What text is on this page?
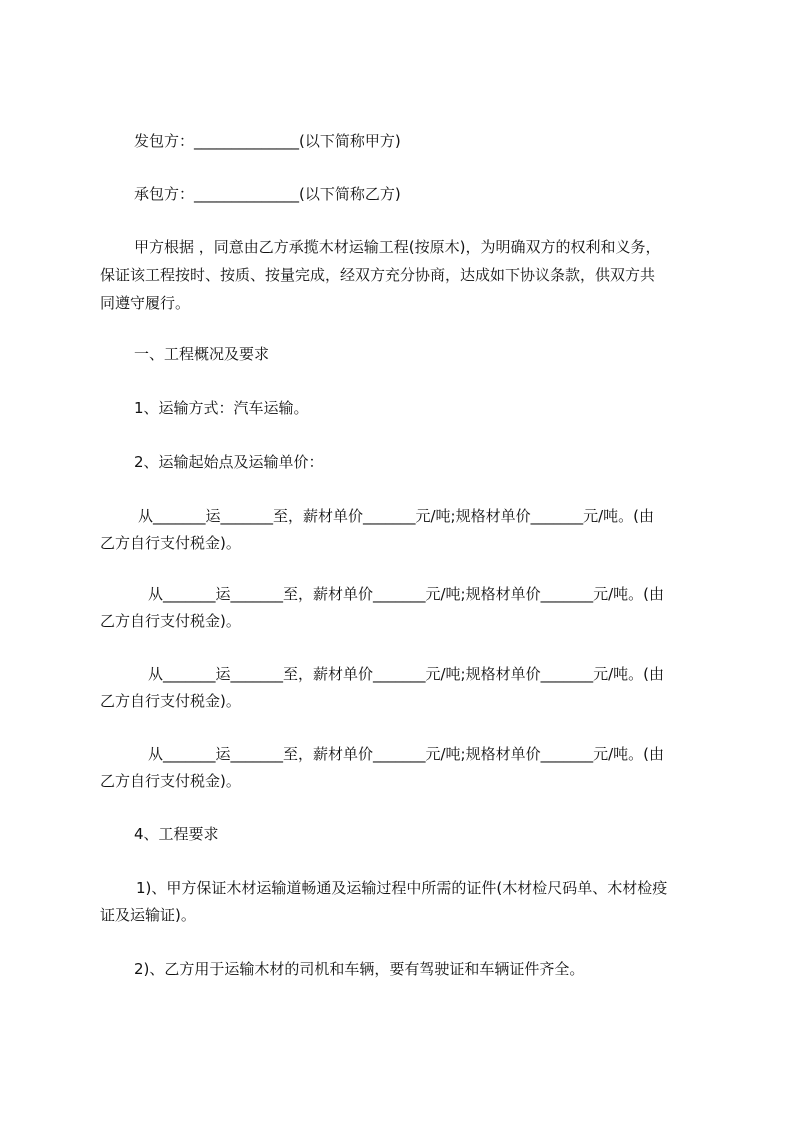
发包方：______________(以下简称甲方)
承包方：______________(以下简称乙方)
甲方根据 ，同意由乙方承揽木材运输工程(按原木)，为明确双方的权利和义务，
保证该工程按时、按质、按量完成，经双方充分协商，达成如下协议条款，供双方共
同遵守履行。
一、工程概况及要求
1、运输方式：汽车运输。
2、运输起始点及运输单价：
从_______运_______至，薪材单价_______元/吨;规格材单价_______元/吨。(由
乙方自行支付税金)。
从_______运_______至，薪材单价_______元/吨;规格材单价_______元/吨。(由
乙方自行支付税金)。
从_______运_______至，薪材单价_______元/吨;规格材单价_______元/吨。(由
乙方自行支付税金)。
从_______运_______至，薪材单价_______元/吨;规格材单价_______元/吨。(由
乙方自行支付税金)。
4、工程要求
1)、甲方保证木材运输道畅通及运输过程中所需的证件(木材检尺码单、木材检疫
证及运输证)。
2)、乙方用于运输木材的司机和车辆，要有驾驶证和车辆证件齐全。
